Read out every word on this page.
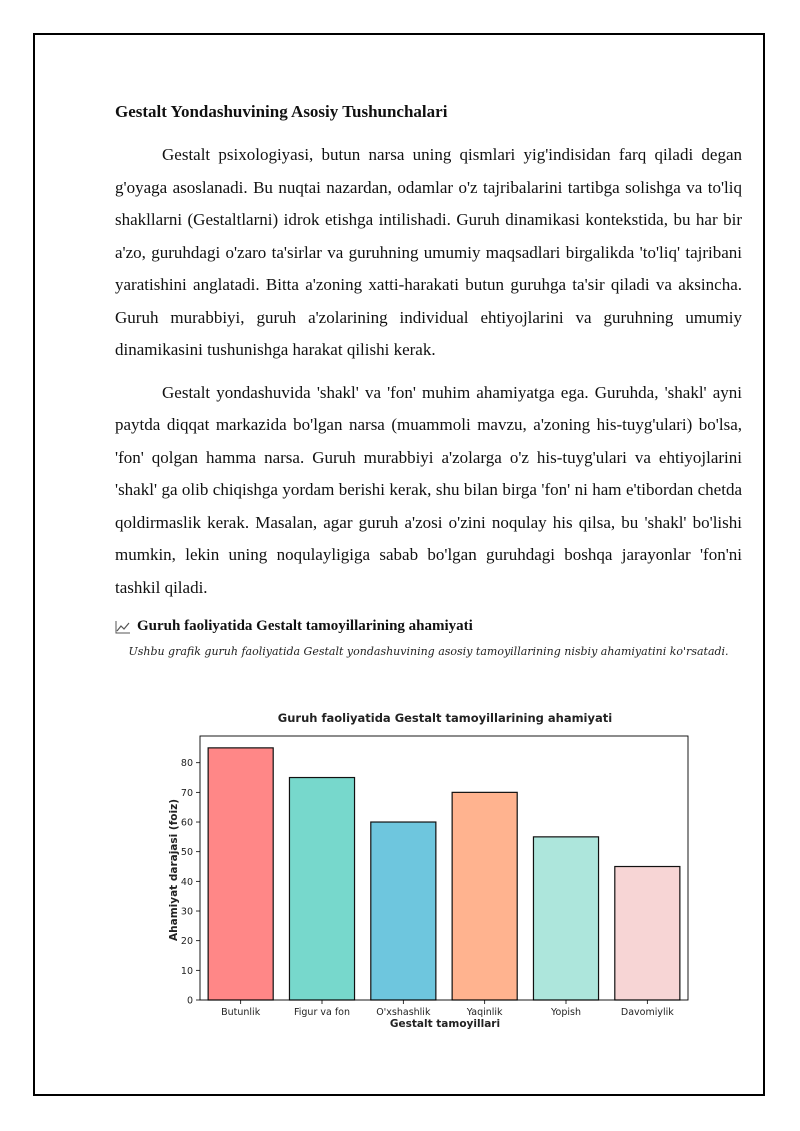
Gestalt Yondashuvining Asosiy Tushunchalari

Gestalt psixologiyasi, butun narsa uning qismlari yig'indisidan farq qiladi degan g'oyaga asoslanadi. Bu nuqtai nazardan, odamlar o'z tajribalarini tartibga solishga va to'liq shakllarni (Gestaltlarni) idrok etishga intilishadi. Guruh dinamikasi kontekstida, bu har bir a'zo, guruhdagi o'zaro ta'sirlar va guruhning umumiy maqsadlari birgalikda 'to'liq' tajribani yaratishini anglatadi. Bitta a'zoning xatti-harakati butun guruhga ta'sir qiladi va aksincha. Guruh murabbiyi, guruh a'zolarining individual ehtiyojlarini va guruhning umumiy dinamikasini tushunishga harakat qilishi kerak.

Gestalt yondashuvida 'shakl' va 'fon' muhim ahamiyatga ega. Guruhda, 'shakl' ayni paytda diqqat markazida bo'lgan narsa (muammoli mavzu, a'zoning his-tuyg'ulari) bo'lsa, 'fon' qolgan hamma narsa. Guruh murabbiyi a'zolarga o'z his-tuyg'ulari va ehtiyojlarini 'shakl' ga olib chiqishga yordam berishi kerak, shu bilan birga 'fon' ni ham e'tibordan chetda qoldirmaslik kerak. Masalan, agar guruh a'zosi o'zini noqulay his qilsa, bu 'shakl' bo'lishi mumkin, lekin uning noqulayligiga sabab bo'lgan guruhdagi boshqa jarayonlar 'fon'ni tashkil qiladi.

Guruh faoliyatida Gestalt tamoyillarining ahamiyati
Ushbu grafik guruh faoliyatida Gestalt yondashuvining asosiy tamoyillarining nisbiy ahamiyatini ko'rsatadi.
Guruh faoliyatida Gestalt tamoyillarining ahamiyati
0
10
20
30
40
50
60
70
80
Butunlik	Figur va fon	O'xshashlik	Yaqinlik	Yopish	Davomiylik
Gestalt tamoyillari
Ahamiyat darajasi (foiz)
